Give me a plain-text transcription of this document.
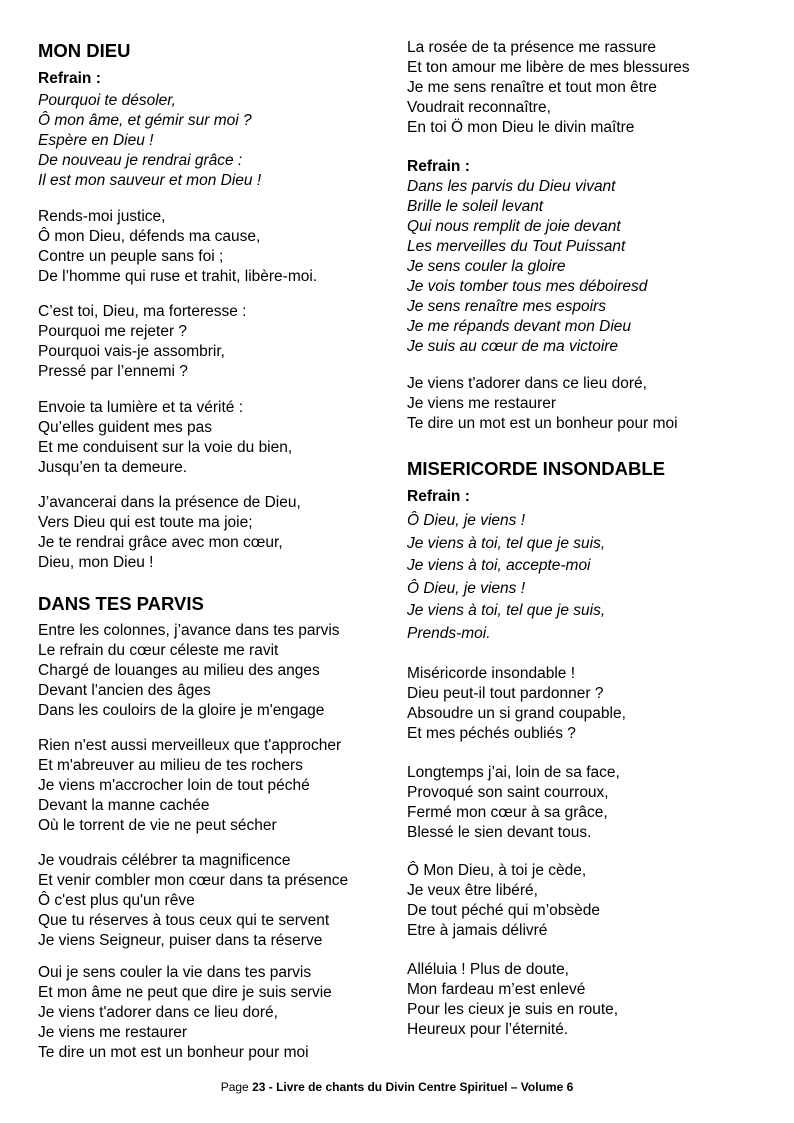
MON DIEU
Refrain :
Pourquoi te désoler,
Ô mon âme, et gémir sur moi ?
Espère en Dieu !
De nouveau je rendrai grâce :
Il est mon sauveur et mon Dieu !
Rends-moi justice,
Ô mon Dieu, défends ma cause,
Contre un peuple sans foi ;
De l’homme qui ruse et trahit, libère-moi.
C’est toi, Dieu, ma forteresse :
Pourquoi me rejeter ?
Pourquoi vais-je assombrir,
Pressé par l’ennemi ?
Envoie ta lumière et ta vérité :
Qu’elles guident mes pas
Et me conduisent sur la voie du bien,
Jusqu’en ta demeure.
J’avancerai dans la présence de Dieu,
Vers Dieu qui est toute ma joie;
Je te rendrai grâce avec mon cœur,
Dieu, mon Dieu !
DANS TES PARVIS
Entre les colonnes, j’avance dans tes parvis
Le refrain du cœur céleste me ravit
Chargé de louanges au milieu des anges
Devant l'ancien des âges
Dans les couloirs de la gloire je m'engage
Rien n'est aussi merveilleux que t'approcher
Et m'abreuver au milieu de tes rochers
Je viens m'accrocher loin de tout péché
Devant la manne cachée
Où le torrent de vie ne peut sécher
Je voudrais célébrer ta magnificence
Et venir combler mon cœur dans ta présence
Ô c'est plus qu'un rêve
Que tu réserves à tous ceux qui te servent
Je viens Seigneur, puiser dans ta réserve
Oui je sens couler la vie dans tes parvis
Et mon âme ne peut que dire je suis servie
Je viens t'adorer dans ce lieu doré,
Je viens me restaurer
Te dire un mot est un bonheur pour moi
La rosée de ta présence me rassure
Et ton amour me libère de mes blessures
Je me sens renaître et tout mon être
Voudrait reconnaître,
En toi Ö mon Dieu le divin maître
Refrain :
Dans les parvis du Dieu vivant
Brille le soleil levant
Qui nous remplit de joie devant
Les merveilles du Tout Puissant
Je sens couler la gloire
Je vois tomber tous mes déboiresd
Je sens renaître mes espoirs
Je me répands devant mon Dieu
Je suis au cœur de ma victoire
Je viens t'adorer dans ce lieu doré,
Je viens me restaurer
Te dire un mot est un bonheur pour moi
MISERICORDE INSONDABLE
Refrain :
Ô Dieu, je viens !
Je viens à toi, tel que je suis,
Je viens à toi, accepte-moi
Ô Dieu, je viens !
Je viens à toi, tel que je suis,
Prends-moi.
Miséricorde insondable !
Dieu peut-il tout pardonner ?
Absoudre un si grand coupable,
Et mes péchés oubliés ?
Longtemps j’ai, loin de sa face,
Provoqué son saint courroux,
Fermé mon cœur à sa grâce,
Blessé le sien devant tous.
Ô Mon Dieu, à toi je cède,
Je veux être libéré,
De tout péché qui m’obsède
Etre à jamais délivré
Alléluia ! Plus de doute,
Mon fardeau m’est enlevé
Pour les cieux je suis en route,
Heureux pour l’éternité.
Page 23 - Livre de chants du Divin Centre Spirituel – Volume 6
